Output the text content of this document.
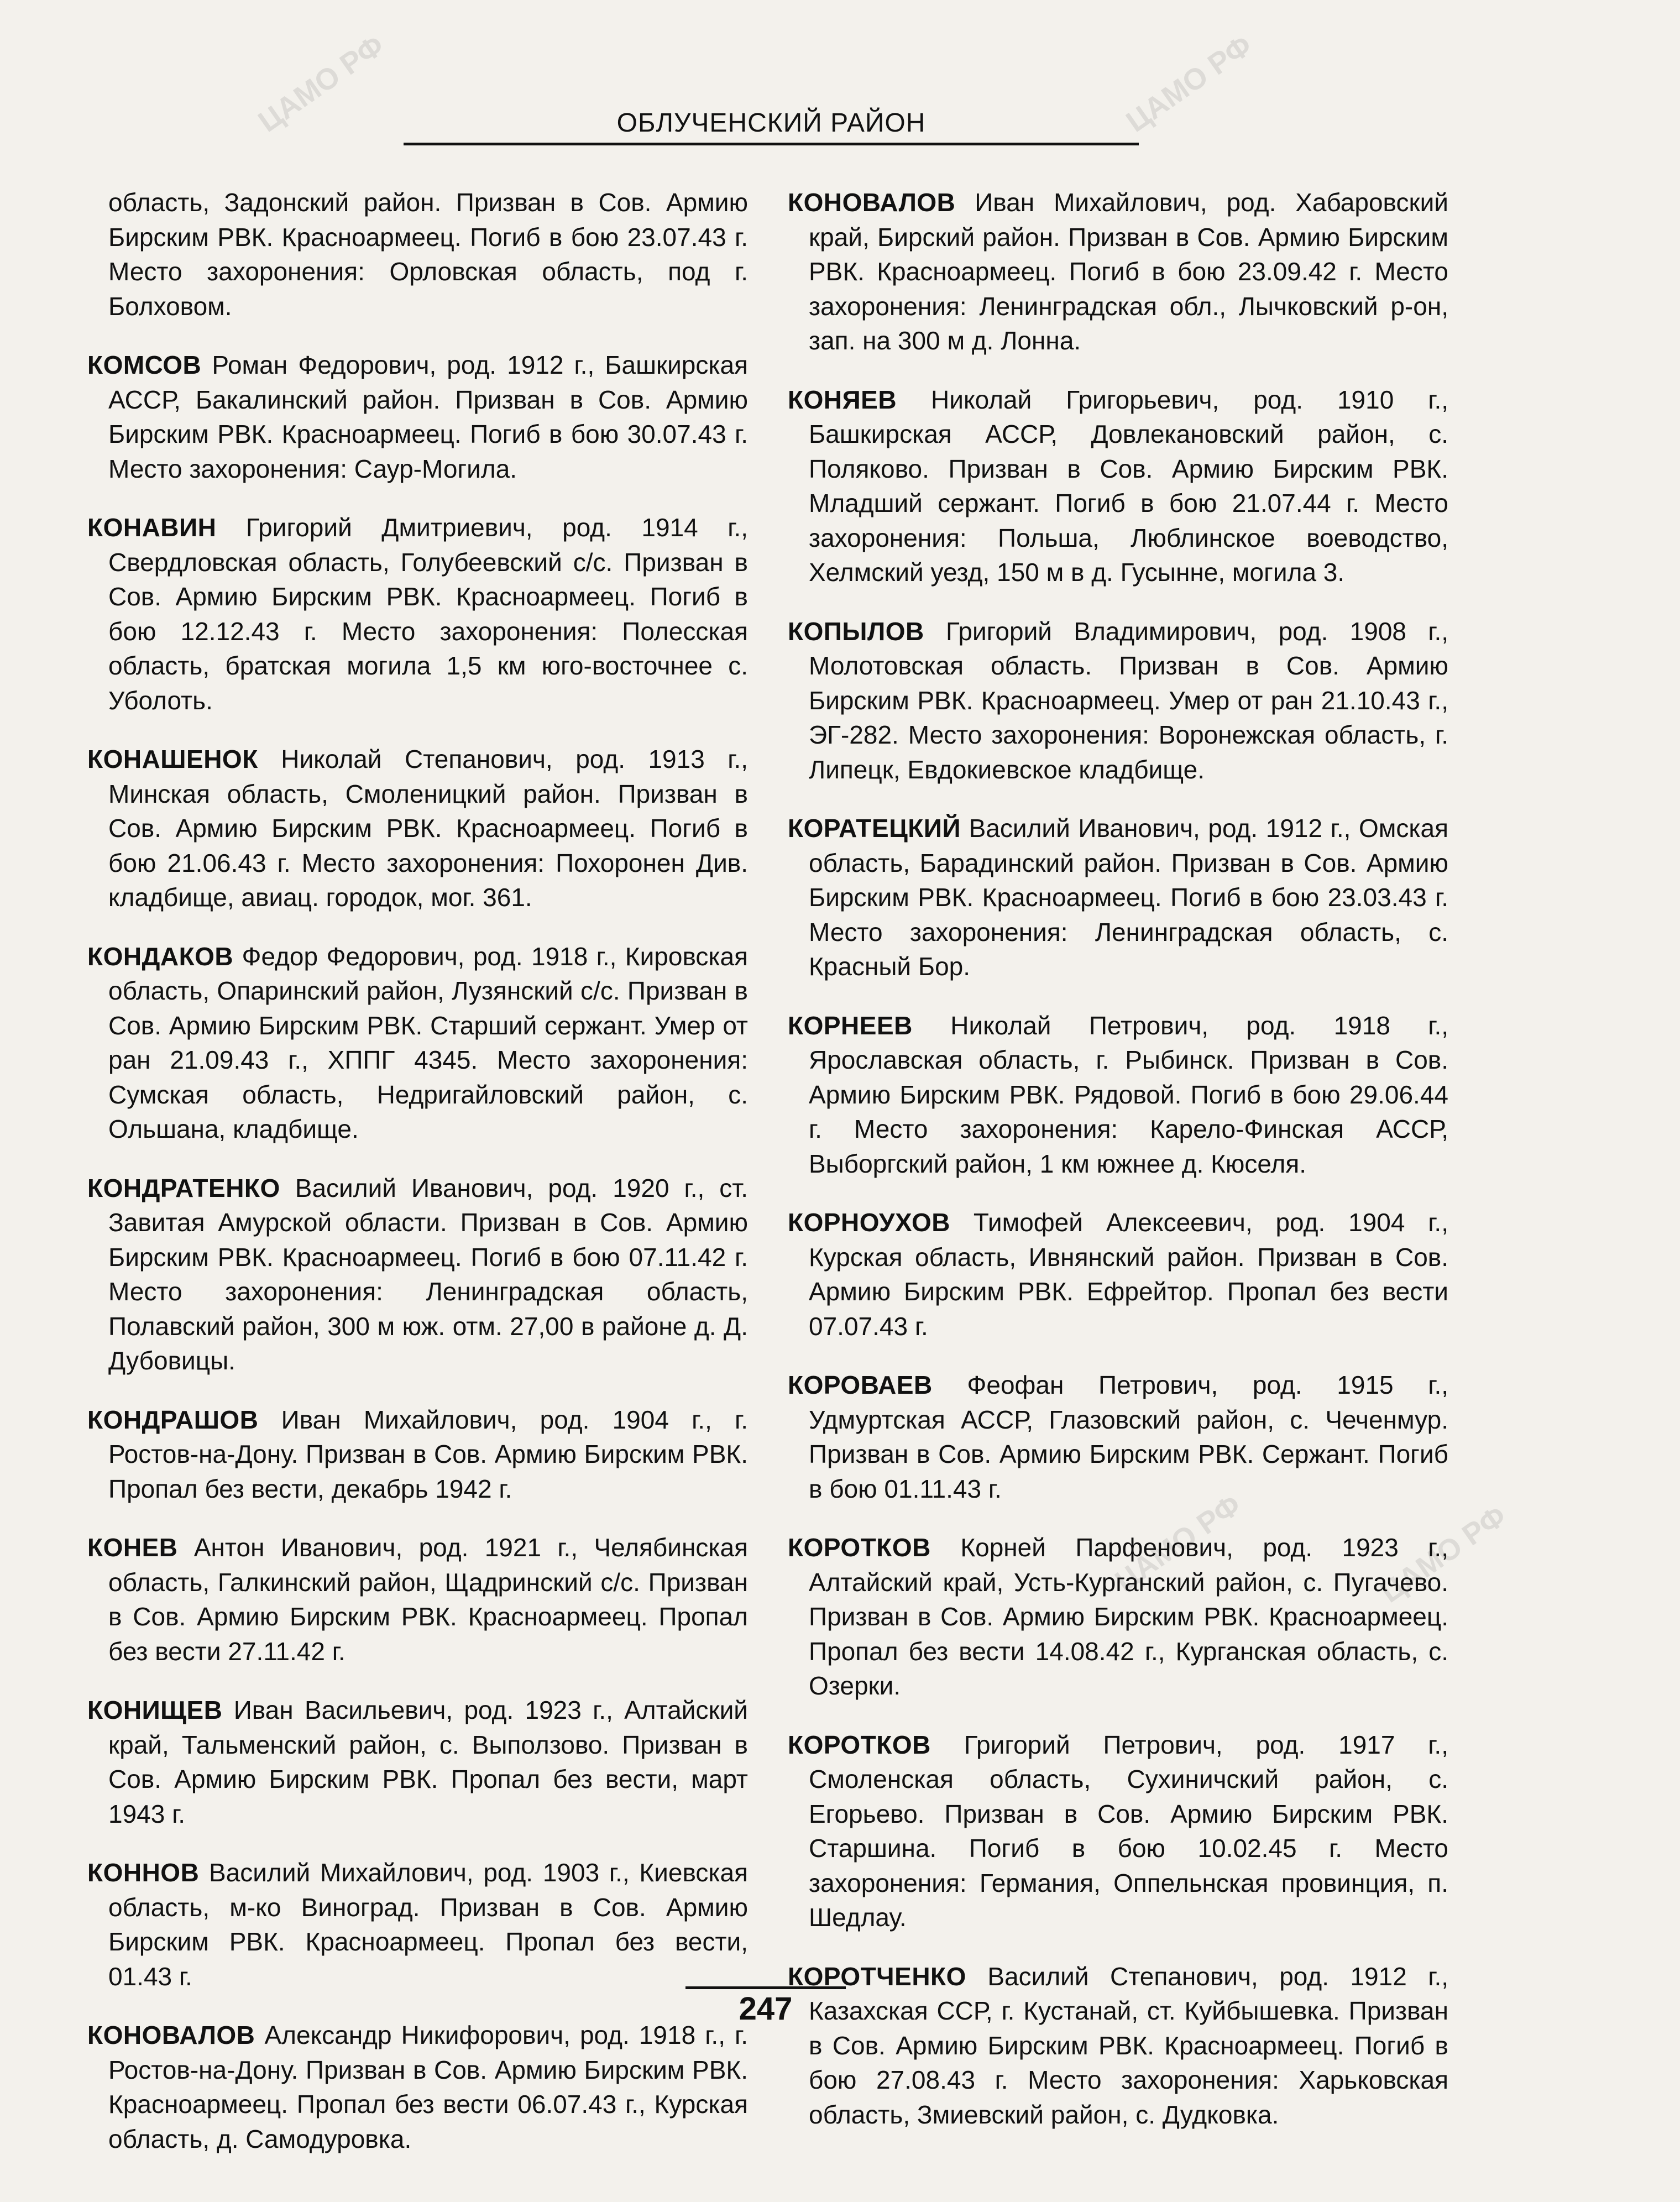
ЦАМО РФ	ЦАМО РФ
ЦАМО РФ
ЦАМО РФ
ОБЛУЧЕНСКИЙ РАЙОН

область, Задонский район. Призван в Сов. Армию Бирским РВК. Красноармеец. Погиб в бою 23.07.43 г. Место захоронения: Орловская область, под г. Болховом.

КОМСОВ Роман Федорович, род. 1912 г., Башкирская АССР, Бакалинский район. Призван в Сов. Армию Бирским РВК. Красноармеец. Погиб в бою 30.07.43 г. Место захоронения: Саур-Могила.

КОНАВИН Григорий Дмитриевич, род. 1914 г., Свердловская область, Голубеевский с/с. Призван в Сов. Армию Бирским РВК. Красноармеец. Погиб в бою 12.12.43 г. Место захоронения: Полесская область, братская могила 1,5 км юго-восточнее с. Уболоть.

КОНАШЕНОК Николай Степанович, род. 1913 г., Минская область, Смоленицкий район. Призван в Сов. Армию Бирским РВК. Красноармеец. Погиб в бою 21.06.43 г. Место захоронения: Похоронен Див. кладбище, авиац. городок, мог. 361.

КОНДАКОВ Федор Федорович, род. 1918 г., Кировская область, Опаринский район, Лузянский с/с. Призван в Сов. Армию Бирским РВК. Старший сержант. Умер от ран 21.09.43 г., ХППГ 4345. Место захоронения: Сумская область, Недригайловский район, с. Ольшана, кладбище.

КОНДРАТЕНКО Василий Иванович, род. 1920 г., ст. Завитая Амурской области. Призван в Сов. Армию Бирским РВК. Красноармеец. Погиб в бою 07.11.42 г. Место захоронения: Ленинградская область, Полавский район, 300 м юж. отм. 27,00 в районе д. Д. Дубовицы.

КОНДРАШОВ Иван Михайлович, род. 1904 г., г. Ростов-на-Дону. Призван в Сов. Армию Бирским РВК. Пропал без вести, декабрь 1942 г.

КОНЕВ Антон Иванович, род. 1921 г., Челябинская область, Галкинский район, Щадринский с/с. Призван в Сов. Армию Бирским РВК. Красноармеец. Пропал без вести 27.11.42 г.

КОНИЩЕВ Иван Васильевич, род. 1923 г., Алтайский край, Тальменский район, с. Выползово. Призван в Сов. Армию Бирским РВК. Пропал без вести, март 1943 г.

КОННОВ Василий Михайлович, род. 1903 г., Киевская область, м-ко Виноград. Призван в Сов. Армию Бирским РВК. Красноармеец. Пропал без вести, 01.43 г.

КОНОВАЛОВ Александр Никифорович, род. 1918 г., г. Ростов-на-Дону. Призван в Сов. Армию Бирским РВК. Красноармеец. Пропал без вести 06.07.43 г., Курская область, д. Самодуровка.

КОНОВАЛОВ Иван Михайлович, род. Хабаровский край, Бирский район. Призван в Сов. Армию Бирским РВК. Красноармеец. Погиб в бою 23.09.42 г. Место захоронения: Ленинградская обл., Лычковский р-он, зап. на 300 м д. Лонна.

КОНЯЕВ Николай Григорьевич, род. 1910 г., Башкирская АССР, Довлекановский район, с. Поляково. Призван в Сов. Армию Бирским РВК. Младший сержант. Погиб в бою 21.07.44 г. Место захоронения: Польша, Люблинское воеводство, Хелмский уезд, 150 м в д. Гусынне, могила 3.

КОПЫЛОВ Григорий Владимирович, род. 1908 г., Молотовская область. Призван в Сов. Армию Бирским РВК. Красноармеец. Умер от ран 21.10.43 г., ЭГ-282. Место захоронения: Воронежская область, г. Липецк, Евдокиевское кладбище.

КОРАТЕЦКИЙ Василий Иванович, род. 1912 г., Омская область, Барадинский район. Призван в Сов. Армию Бирским РВК. Красноармеец. Погиб в бою 23.03.43 г. Место захоронения: Ленинградская область, с. Красный Бор.

КОРНЕЕВ Николай Петрович, род. 1918 г., Ярославская область, г. Рыбинск. Призван в Сов. Армию Бирским РВК. Рядовой. Погиб в бою 29.06.44 г. Место захоронения: Карело-Финская АССР, Выборгский район, 1 км южнее д. Кюселя.

КОРНОУХОВ Тимофей Алексеевич, род. 1904 г., Курская область, Ивнянский район. Призван в Сов. Армию Бирским РВК. Ефрейтор. Пропал без вести 07.07.43 г.

КОРОВАЕВ Феофан Петрович, род. 1915 г., Удмуртская АССР, Глазовский район, с. Чеченмур. Призван в Сов. Армию Бирским РВК. Сержант. Погиб в бою 01.11.43 г.

КОРОТКОВ Корней Парфенович, род. 1923 г., Алтайский край, Усть-Курганский район, с. Пугачево. Призван в Сов. Армию Бирским РВК. Красноармеец. Пропал без вести 14.08.42 г., Курганская область, с. Озерки.

КОРОТКОВ Григорий Петрович, род. 1917 г., Смоленская область, Сухиничский район, с. Егорьево. Призван в Сов. Армию Бирским РВК. Старшина. Погиб в бою 10.02.45 г. Место захоронения: Германия, Оппельнская провинция, п. Шедлау.

КОРОТЧЕНКО Василий Степанович, род. 1912 г., Казахская ССР, г. Кустанай, ст. Куйбышевка. Призван в Сов. Армию Бирским РВК. Красноармеец. Погиб в бою 27.08.43 г. Место захоронения: Харьковская область, Змиевский район, с. Дудковка.

247
